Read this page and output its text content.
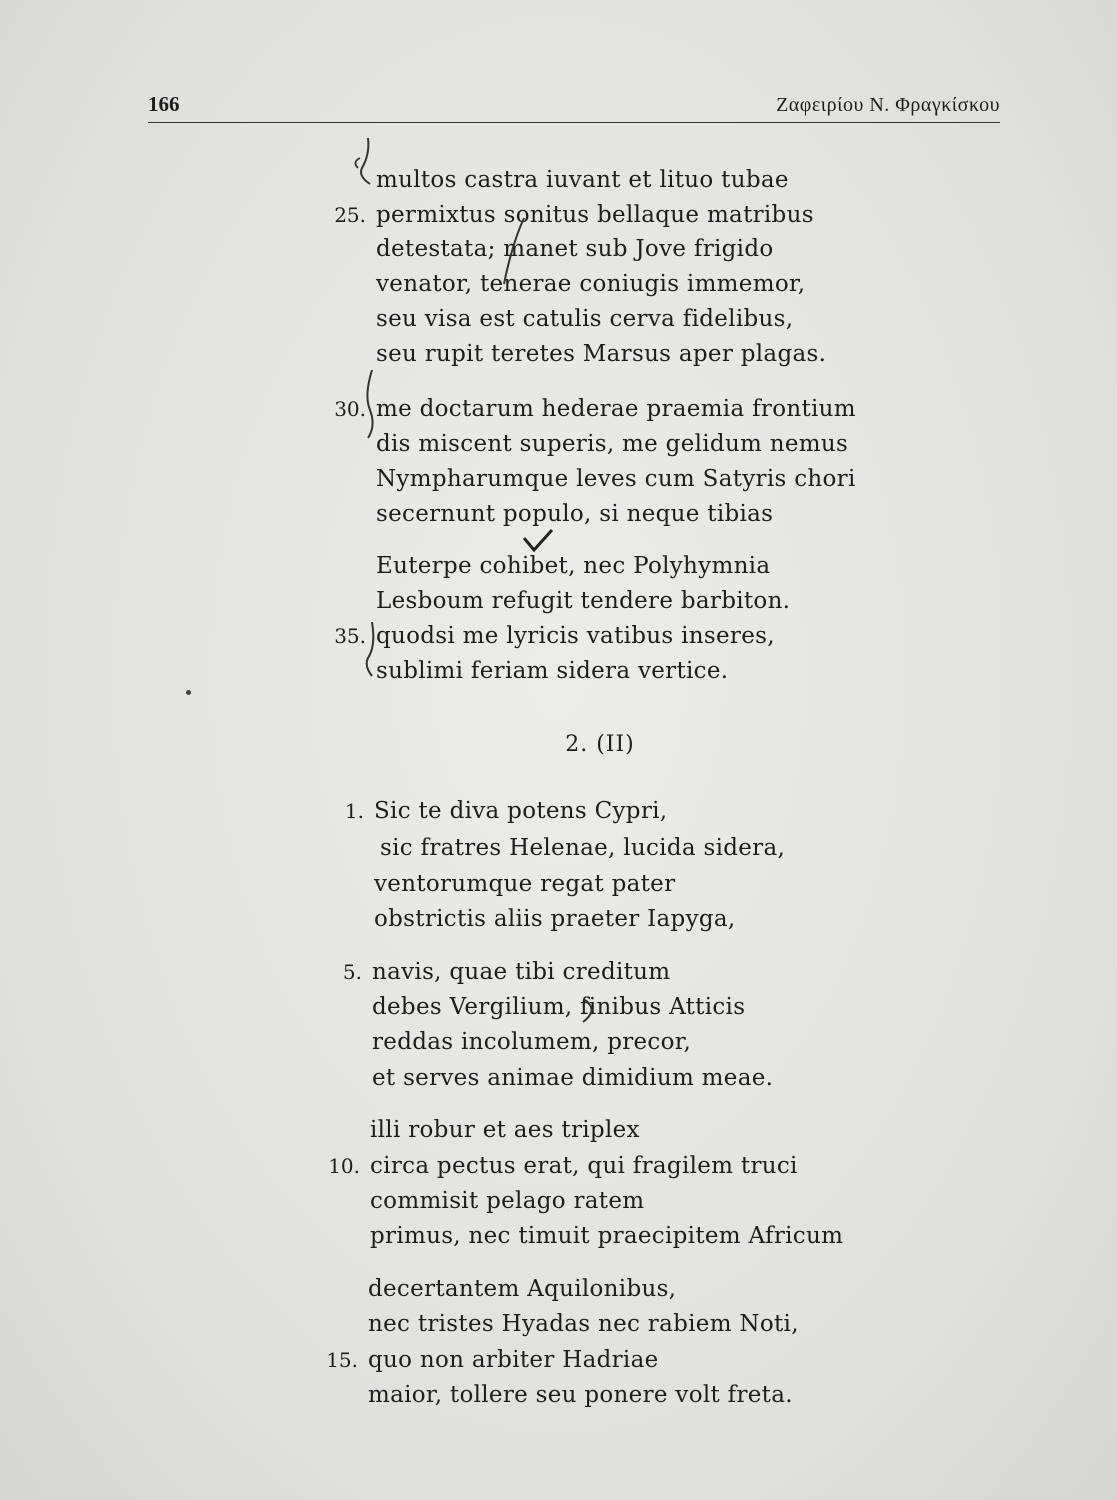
166	Ζαφειρίου Ν. Φραγκίσκου
multos castra iuvant et lituo tubae
25. permixtus sonitus bellaque matribus
detestata; manet sub Jove frigido
venator, tenerae coniugis immemor,
seu visa est catulis cerva fidelibus,
seu rupit teretes Marsus aper plagas.
30. me doctarum hederae praemia frontium
dis miscent superis, me gelidum nemus
Nympharumque leves cum Satyris chori
secernunt populo, si neque tibias
Euterpe cohibet, nec Polyhymnia
Lesboum refugit tendere barbiton.
35. quodsi me lyricis vatibus inseres,
sublimi feriam sidera vertice.
2. (II)
1. Sic te diva potens Cypri,
sic fratres Helenae, lucida sidera,
ventorumque regat pater
obstrictis aliis praeter Iapyga,
5. navis, quae tibi creditum
debes Vergilium, finibus Atticis
reddas incolumem, precor,
et serves animae dimidium meae.
illi robur et aes triplex
10. circa pectus erat, qui fragilem truci
commisit pelago ratem
primus, nec timuit praecipitem Africum
decertantem Aquilonibus,
nec tristes Hyadas nec rabiem Noti,
15. quo non arbiter Hadriae
maior, tollere seu ponere volt freta.
